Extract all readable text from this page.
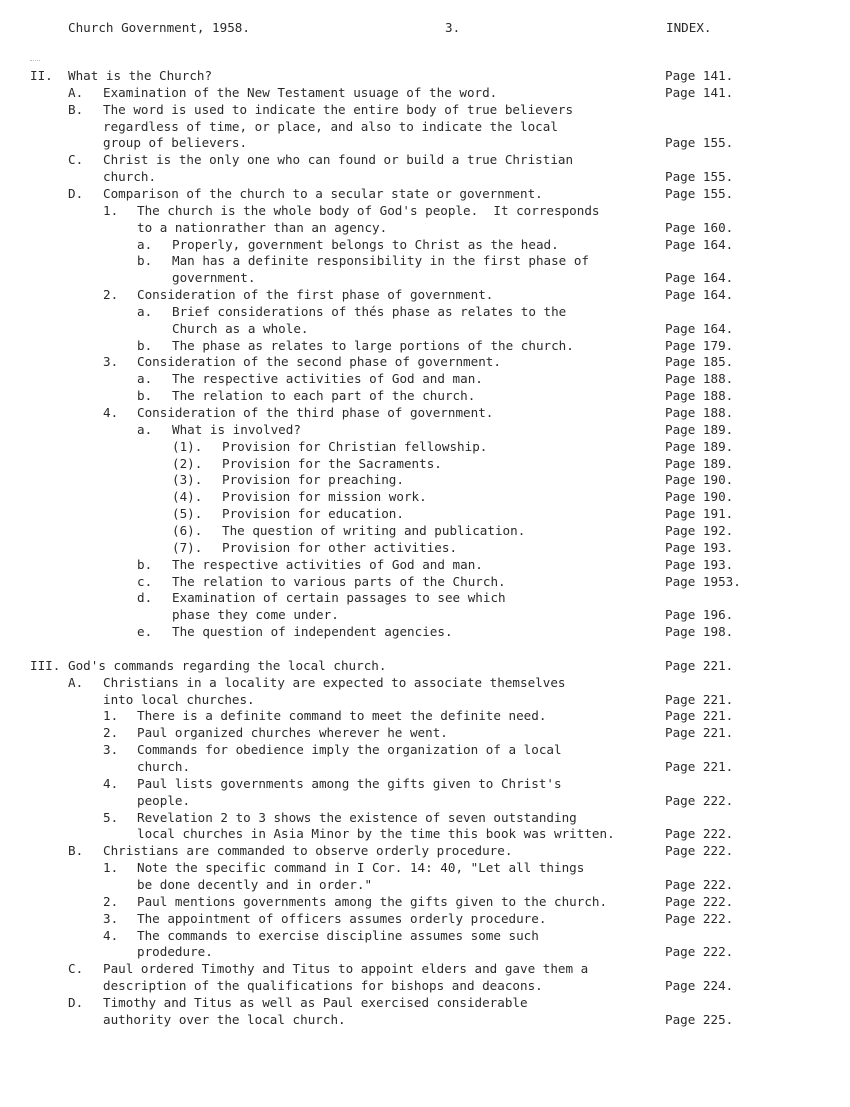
Church Government, 1958.	3.	INDEX.
II. What is the Church?	Page 141.
A. Examination of the New Testament usuage of the word.	Page 141.
B. The word is used to indicate the entire body of true believers
regardless of time, or place, and also to indicate the local
group of believers.	Page 155.
C. Christ is the only one who can found or build a true Christian
church.	Page 155.
D. Comparison of the church to a secular state or government.	Page 155.
1. The church is the whole body of God's people.  It corresponds
to a nationrather than an agency.	Page 160.
a. Properly, government belongs to Christ as the head.	Page 164.
b. Man has a definite responsibility in the first phase of
government.	Page 164.
2. Consideration of the first phase of government.	Page 164.
a. Brief considerations of thés phase as relates to the
Church as a whole.	Page 164.
b. The phase as relates to large portions of the church.	Page 179.
3. Consideration of the second phase of government.	Page 185.
a. The respective activities of God and man.	Page 188.
b. The relation to each part of the church.	Page 188.
4. Consideration of the third phase of government.	Page 188.
a. What is involved?	Page 189.
(1). Provision for Christian fellowship.	Page 189.
(2). Provision for the Sacraments.	Page 189.
(3). Provision for preaching.	Page 190.
(4). Provision for mission work.	Page 190.
(5). Provision for education.	Page 191.
(6). The question of writing and publication.	Page 192.
(7). Provision for other activities.	Page 193.
b. The respective activities of God and man.	Page 193.
c. The relation to various parts of the Church.	Page 1953.
d. Examination of certain passages to see which
phase they come under.	Page 196.
e. The question of independent agencies.	Page 198.
III. God's commands regarding the local church.	Page 221.
A. Christians in a locality are expected to associate themselves
into local churches.	Page 221.
1. There is a definite command to meet the definite need.	Page 221.
2. Paul organized churches wherever he went.	Page 221.
3. Commands for obedience imply the organization of a local
church.	Page 221.
4. Paul lists governments among the gifts given to Christ's
people.	Page 222.
5. Revelation 2 to 3 shows the existence of seven outstanding
local churches in Asia Minor by the time this book was written.	Page 222.
B. Christians are commanded to observe orderly procedure.	Page 222.
1. Note the specific command in I Cor. 14: 40, "Let all things
be done decently and in order."	Page 222.
2. Paul mentions governments among the gifts given to the church.	Page 222.
3. The appointment of officers assumes orderly procedure.	Page 222.
4. The commands to exercise discipline assumes some such
prodedure.	Page 222.
C. Paul ordered Timothy and Titus to appoint elders and gave them a
description of the qualifications for bishops and deacons.	Page 224.
D. Timothy and Titus as well as Paul exercised considerable
authority over the local church.	Page 225.
